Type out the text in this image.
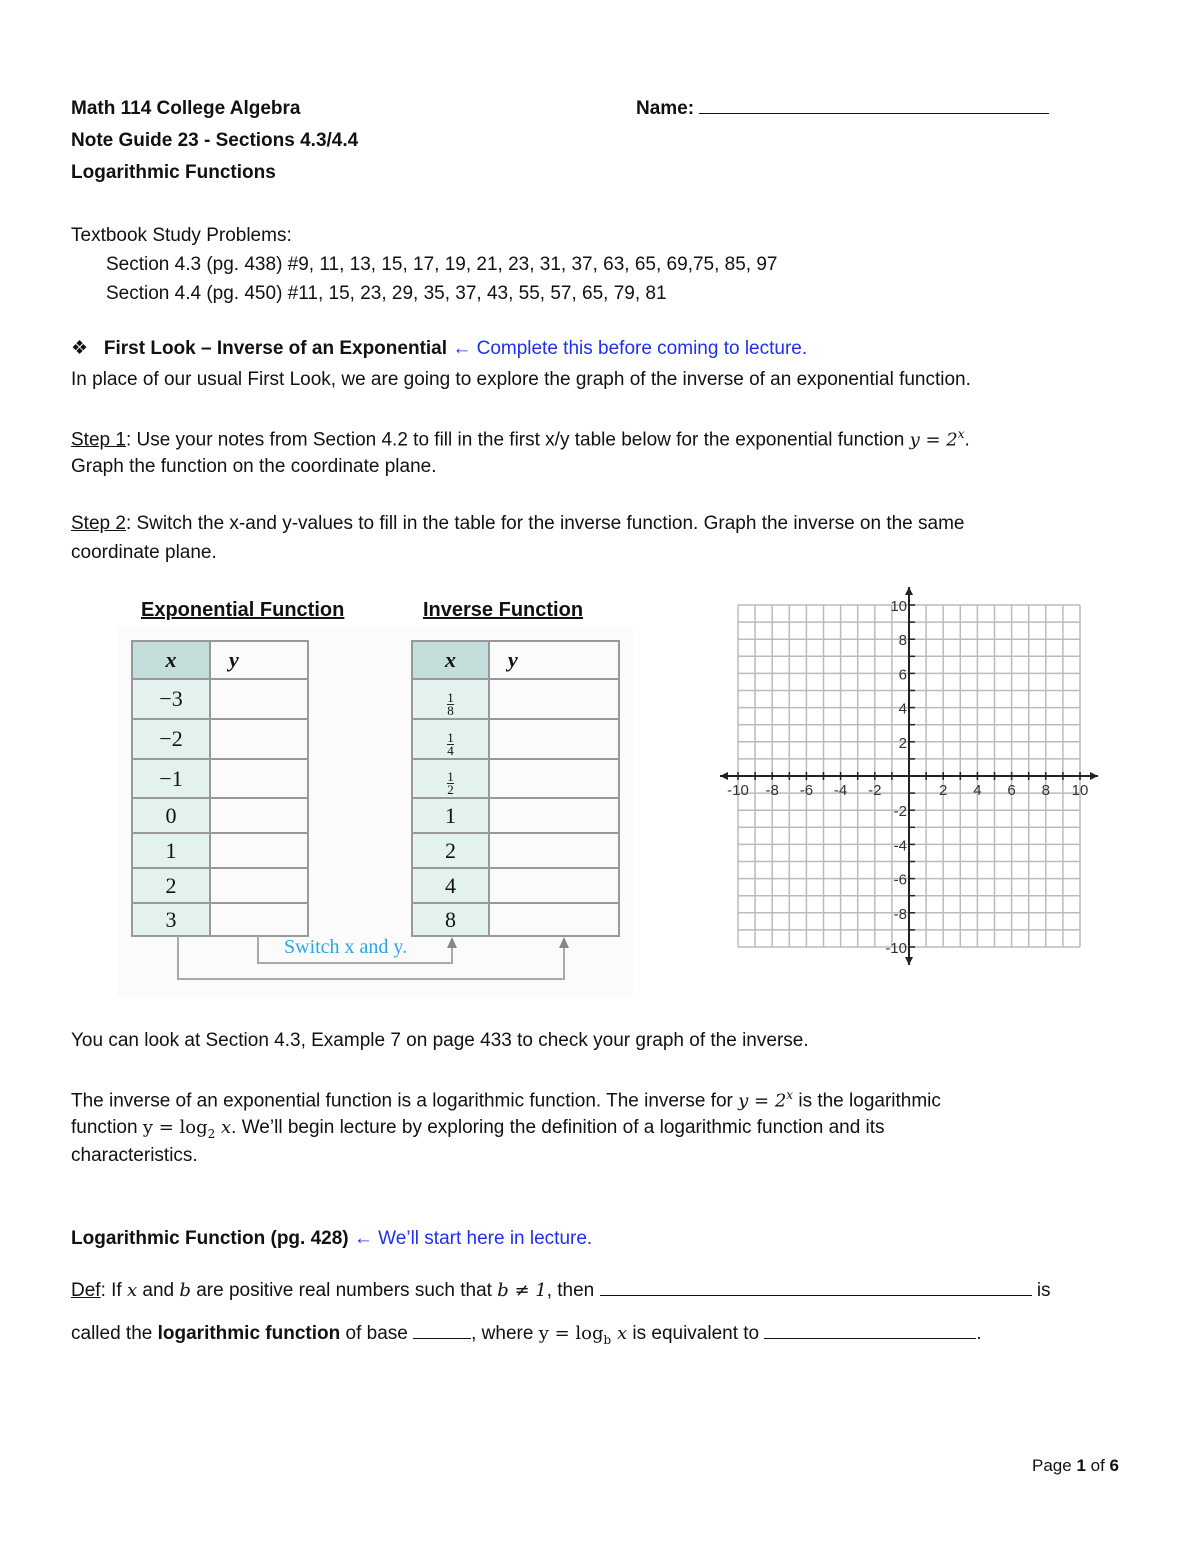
Math 114 College Algebra	Name:
Note Guide 23 - Sections 4.3/4.4
Logarithmic Functions
Textbook Study Problems:
Section 4.3 (pg. 438) #9, 11, 13, 15, 17, 19, 21, 23, 31, 37, 63, 65, 69,75, 85, 97
Section 4.4 (pg. 450) #11, 15, 23, 29, 35, 37, 43, 55, 57, 65, 79, 81
❖ First Look – Inverse of an Exponential ← Complete this before coming to lecture.
In place of our usual First Look, we are going to explore the graph of the inverse of an exponential function.
Step 1: Use your notes from Section 4.2 to fill in the first x/y table below for the exponential function $y = 2^x$.
Graph the function on the coordinate plane.
Step 2: Switch the x-and y-values to fill in the table for the inverse function. Graph the inverse on the same
coordinate plane.
Exponential Function	Inverse Function
x	y
−3	
−2	
−1	
0	
1	
2	
3	
x	y

$\frac{1}{8}$

$\frac{1}{4}$

$\frac{1}{2}$

1	
2	
4	
8	
Switch x and y.
-10 -8 -6 -4 -2	2 4 6 8 10
10
8
6
4
2
-2
-4
-6
-8
-10
You can look at Section 4.3, Example 7 on page 433 to check your graph of the inverse.
The inverse of an exponential function is a logarithmic function. The inverse for $y = 2^x$ is the logarithmic
function $y = \log_2 x$. We’ll begin lecture by exploring the definition of a logarithmic function and its
characteristics.
Logarithmic Function (pg. 428) ← We’ll start here in lecture.
Def: If x and b are positive real numbers such that b ≠ 1, then	is
called the logarithmic function of base	, where $y = \log_b x$ is equivalent to	.
Page 1 of 6
